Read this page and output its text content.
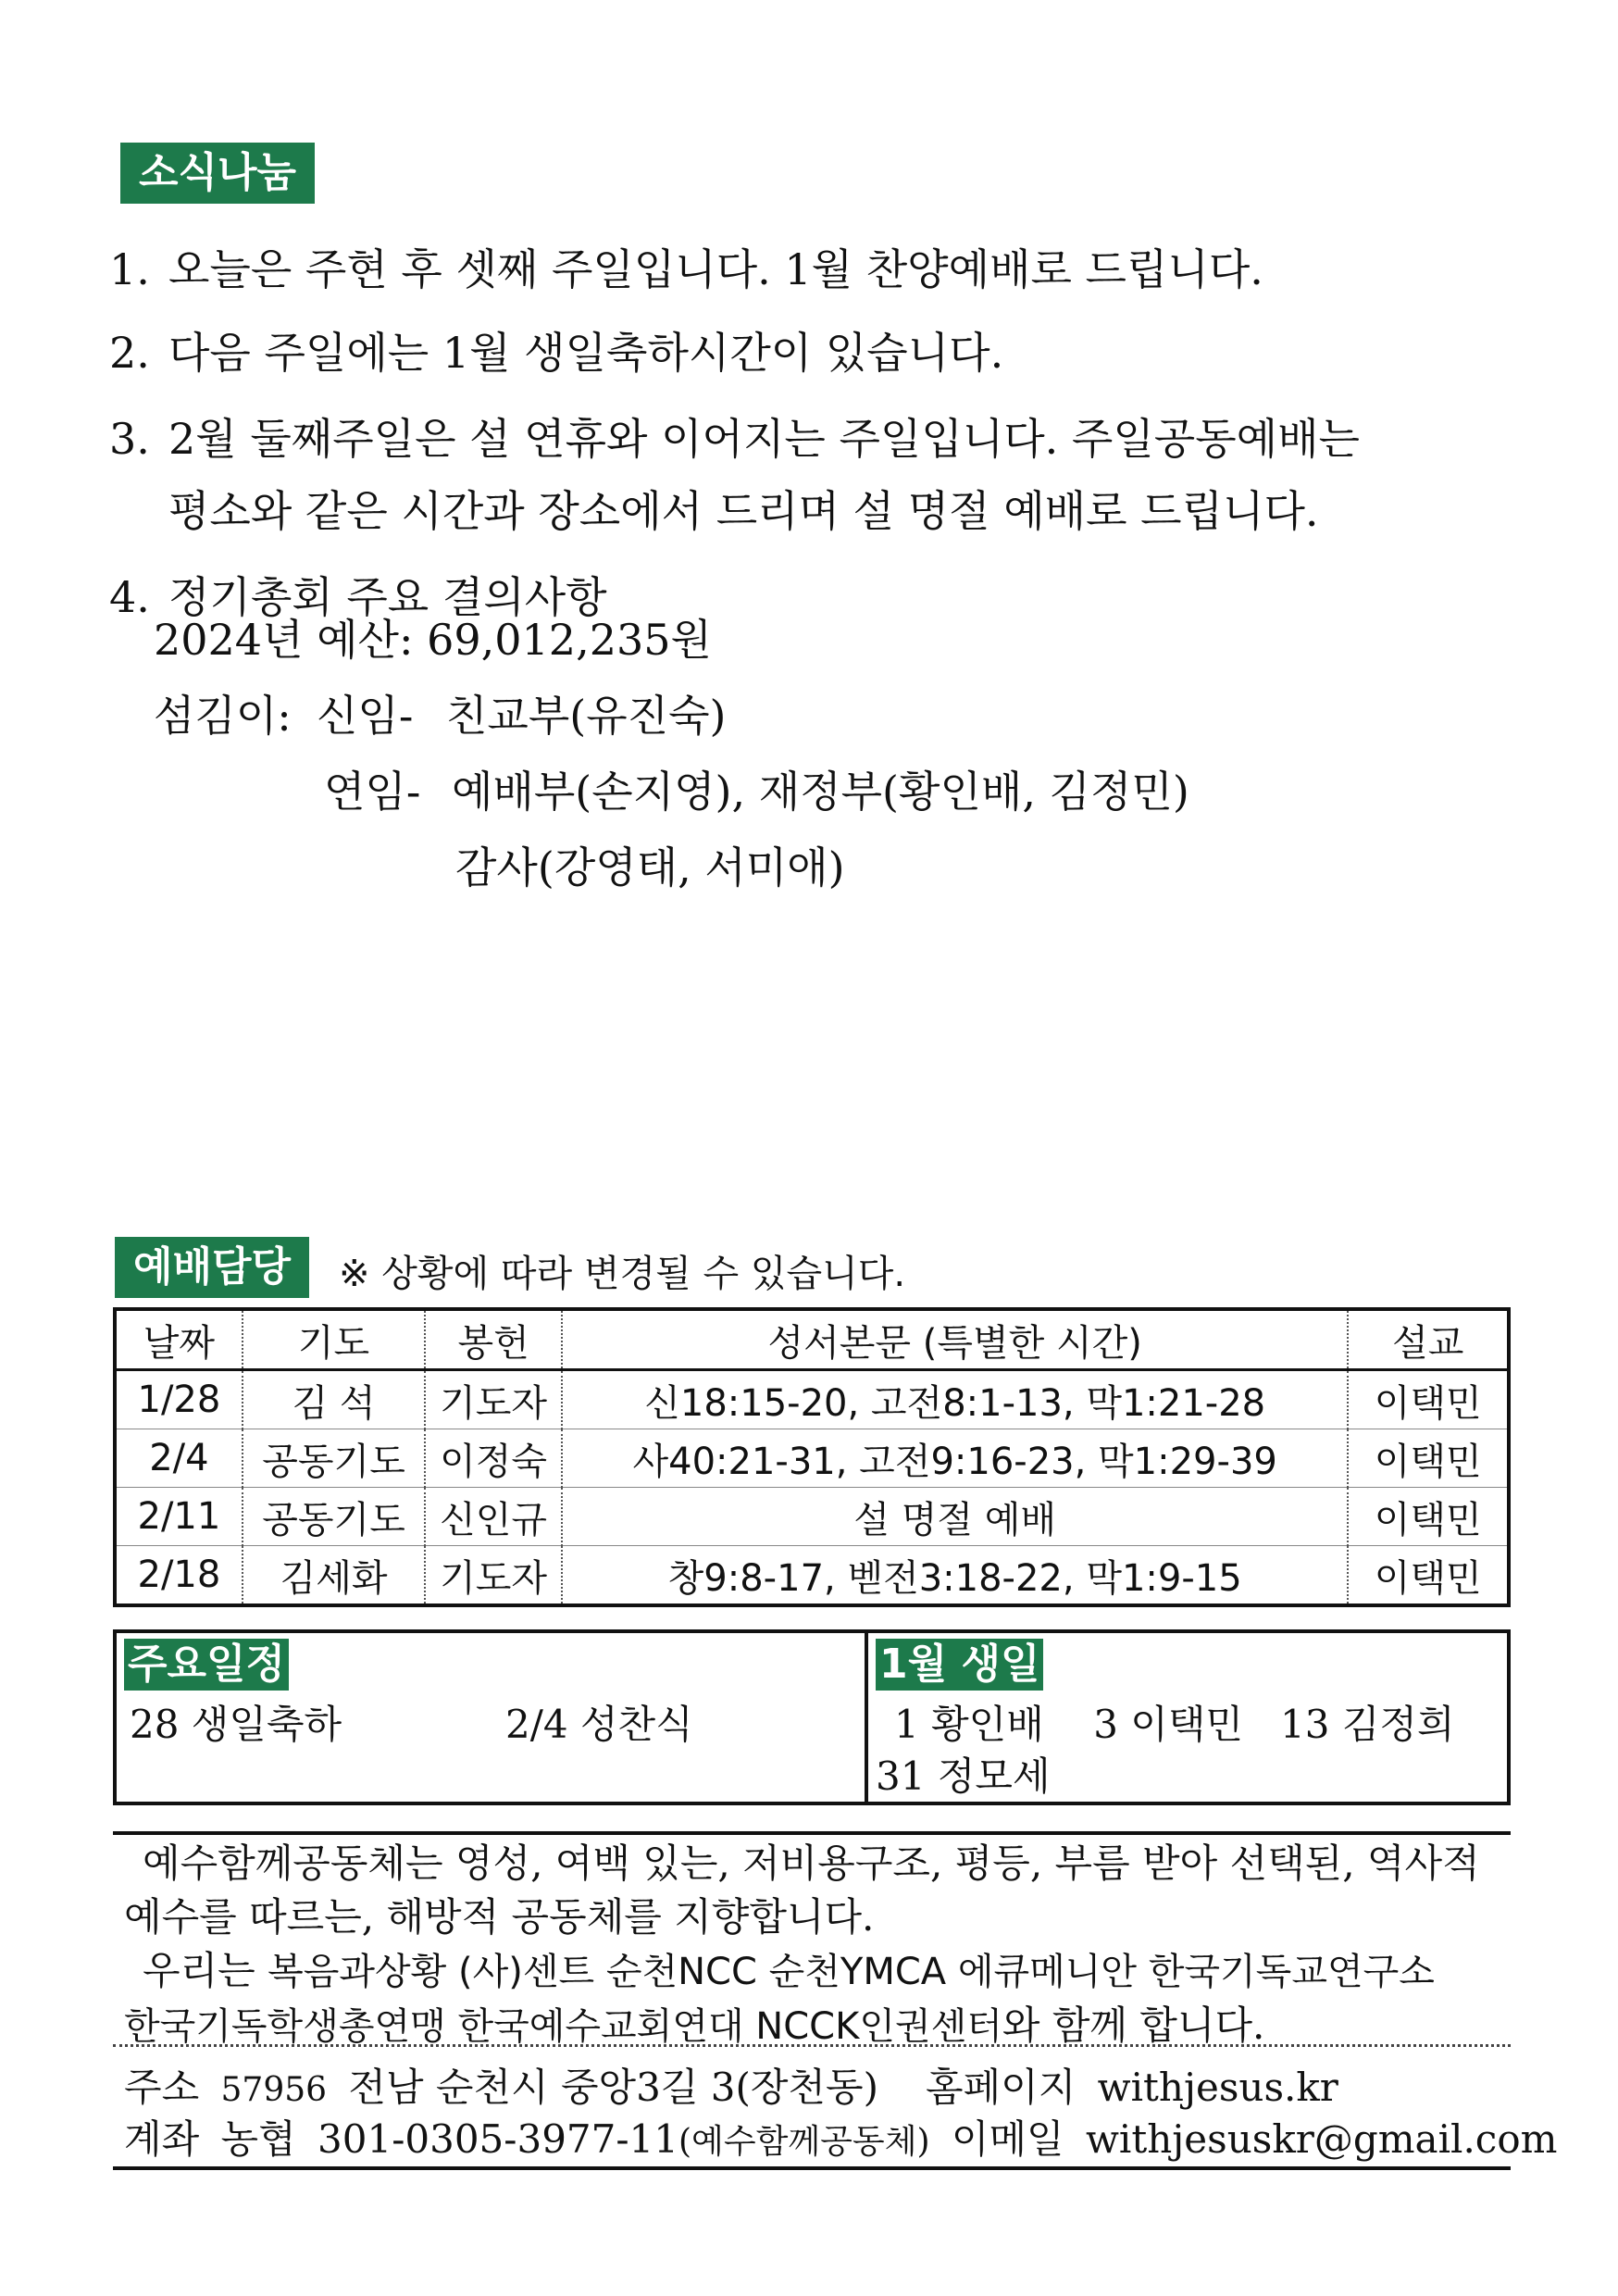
소식나눔
1. 오늘은 주현 후 셋째 주일입니다. 1월 찬양예배로 드립니다.
2. 다음 주일에는 1월 생일축하시간이 있습니다.
3. 2월 둘째주일은 설 연휴와 이어지는 주일입니다. 주일공동예배는
평소와 같은 시간과 장소에서 드리며 설 명절 예배로 드립니다.
4. 정기총회 주요 결의사항
2024년 예산: 69,012,235원
섬김이: 신임- 친교부(유진숙)
연임- 예배부(손지영), 재정부(황인배, 김정민)
감사(강영태, 서미애)
예배담당	※ 상황에 따라 변경될 수 있습니다.
날짜	기도	봉헌	성서본문 (특별한 시간)	설교
1/28	김 석	기도자	신18:15-20, 고전8:1-13, 막1:21-28	이택민
2/4	공동기도	이정숙	사40:21-31, 고전9:16-23, 막1:29-39	이택민
2/11	공동기도	신인규	설 명절 예배	이택민
2/18	김세화	기도자	창9:8-17, 벧전3:18-22, 막1:9-15	이택민
주요일정
28 생일축하	2/4 성찬식
1월 생일
1 황인배    3 이택민   13 김정희
31 정모세
예수함께공동체는 영성, 여백 있는, 저비용구조, 평등, 부름 받아 선택된, 역사적
예수를 따르는, 해방적 공동체를 지향합니다.
우리는 복음과상황 (사)센트 순천NCC 순천YMCA 에큐메니안 한국기독교연구소
한국기독학생총연맹 한국예수교회연대 NCCK인권센터와 함께 합니다.
주소 57956 전남 순천시 중앙3길 3(장천동) 홈페이지 withjesus.kr
계좌 농협 301-0305-3977-11(예수함께공동체) 이메일 withjesuskr@gmail.com
